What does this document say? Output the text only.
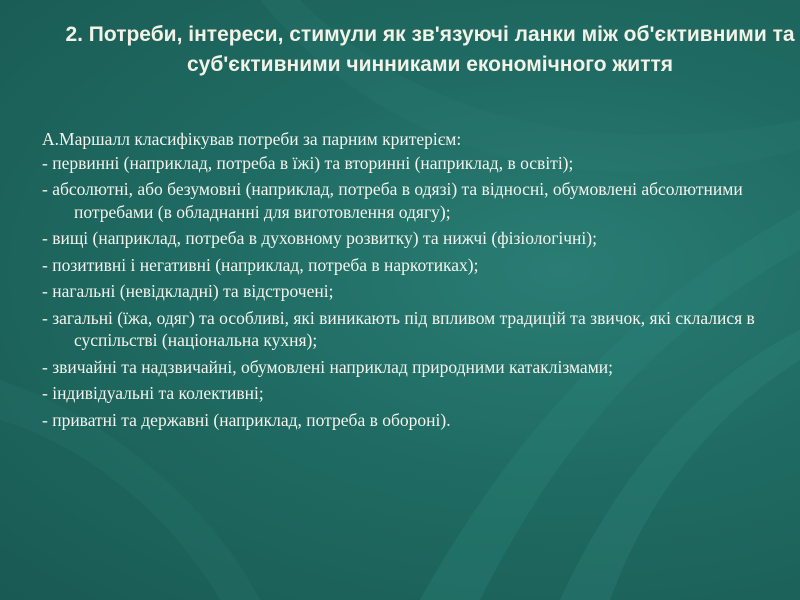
2. Потреби, інтереси, стимули як зв'язуючі ланки між об'єктивними та суб'єктивними чинниками економічного життя

А.Маршалл класифікував потреби за парним критерієм:

- первинні (наприклад, потреба в їжі) та вторинні (наприклад, в освіті);
- абсолютні, або безумовні (наприклад, потреба в одязі) та відносні, обумовлені абсолютними потребами (в обладнанні для виготовлення одягу);
- вищі (наприклад, потреба в духовному розвитку) та нижчі (фізіологічні);
- позитивні і негативні (наприклад, потреба в наркотиках);
- нагальні (невідкладні) та відстрочені;
- загальні (їжа, одяг) та особливі, які виникають під впливом традицій та звичок, які склалися в суспільстві (національна кухня);
- звичайні та надзвичайні, обумовлені наприклад природними катаклізмами;
- індивідуальні та колективні;
- приватні та державні (наприклад, потреба в обороні).
